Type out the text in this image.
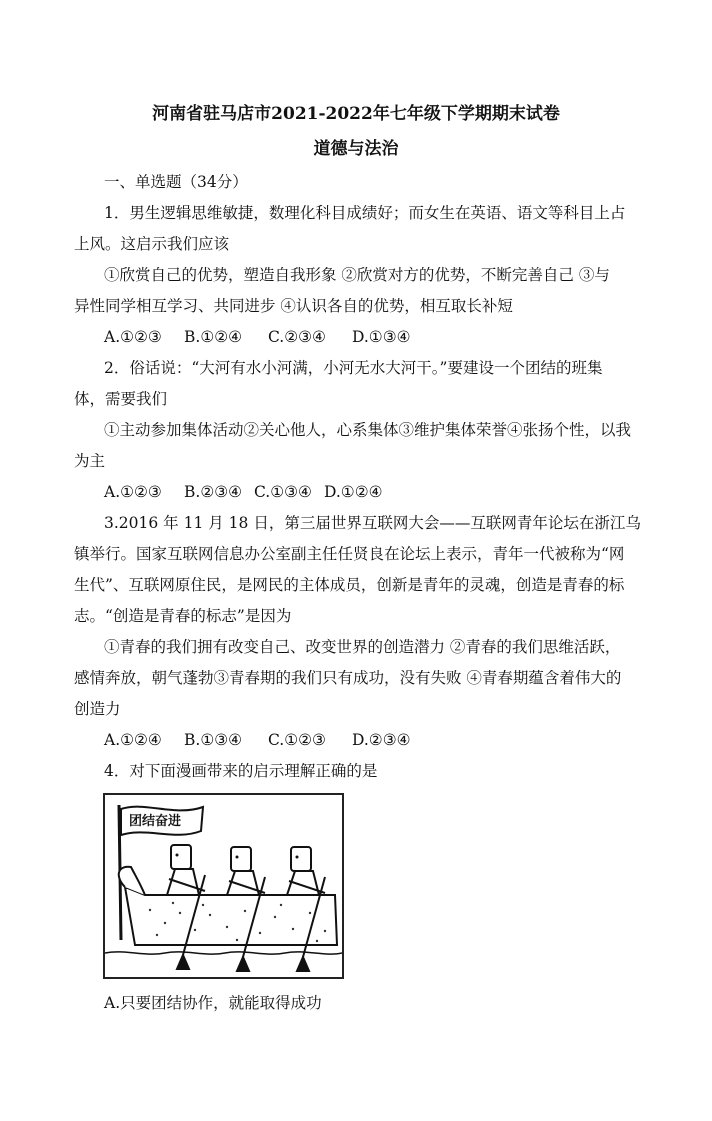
河南省驻马店市2021-2022年七年级下学期期末试卷
道德与法治
一、单选题（34分）
1．男生逻辑思维敏捷，数理化科目成绩好；而女生在英语、语文等科目上占
上风。这启示我们应该
①欣赏自己的优势，塑造自我形象 ②欣赏对方的优势，不断完善自己 ③与
异性同学相互学习、共同进步 ④认识各自的优势，相互取长补短
A.①②③ B.①②④ C.②③④ D.①③④
2．俗话说：“大河有水小河满，小河无水大河干。”要建设一个团结的班集
体，需要我们
①主动参加集体活动②关心他人，心系集体③维护集体荣誉④张扬个性，以我
为主
A.①②③ B.②③④ C.①③④ D.①②④
3.2016 年 11 月 18 日，第三届世界互联网大会——互联网青年论坛在浙江乌
镇举行。国家互联网信息办公室副主任任贤良在论坛上表示，青年一代被称为“网
生代”、互联网原住民，是网民的主体成员，创新是青年的灵魂，创造是青春的标
志。“创造是青春的标志”是因为
①青春的我们拥有改变自己、改变世界的创造潜力 ②青春的我们思维活跃，
感情奔放，朝气蓬勃③青春期的我们只有成功，没有失败 ④青春期蕴含着伟大的
创造力
A.①②④ B.①③④ C.①②③ D.②③④
4．对下面漫画带来的启示理解正确的是
团结奋进
A.只要团结协作，就能取得成功
